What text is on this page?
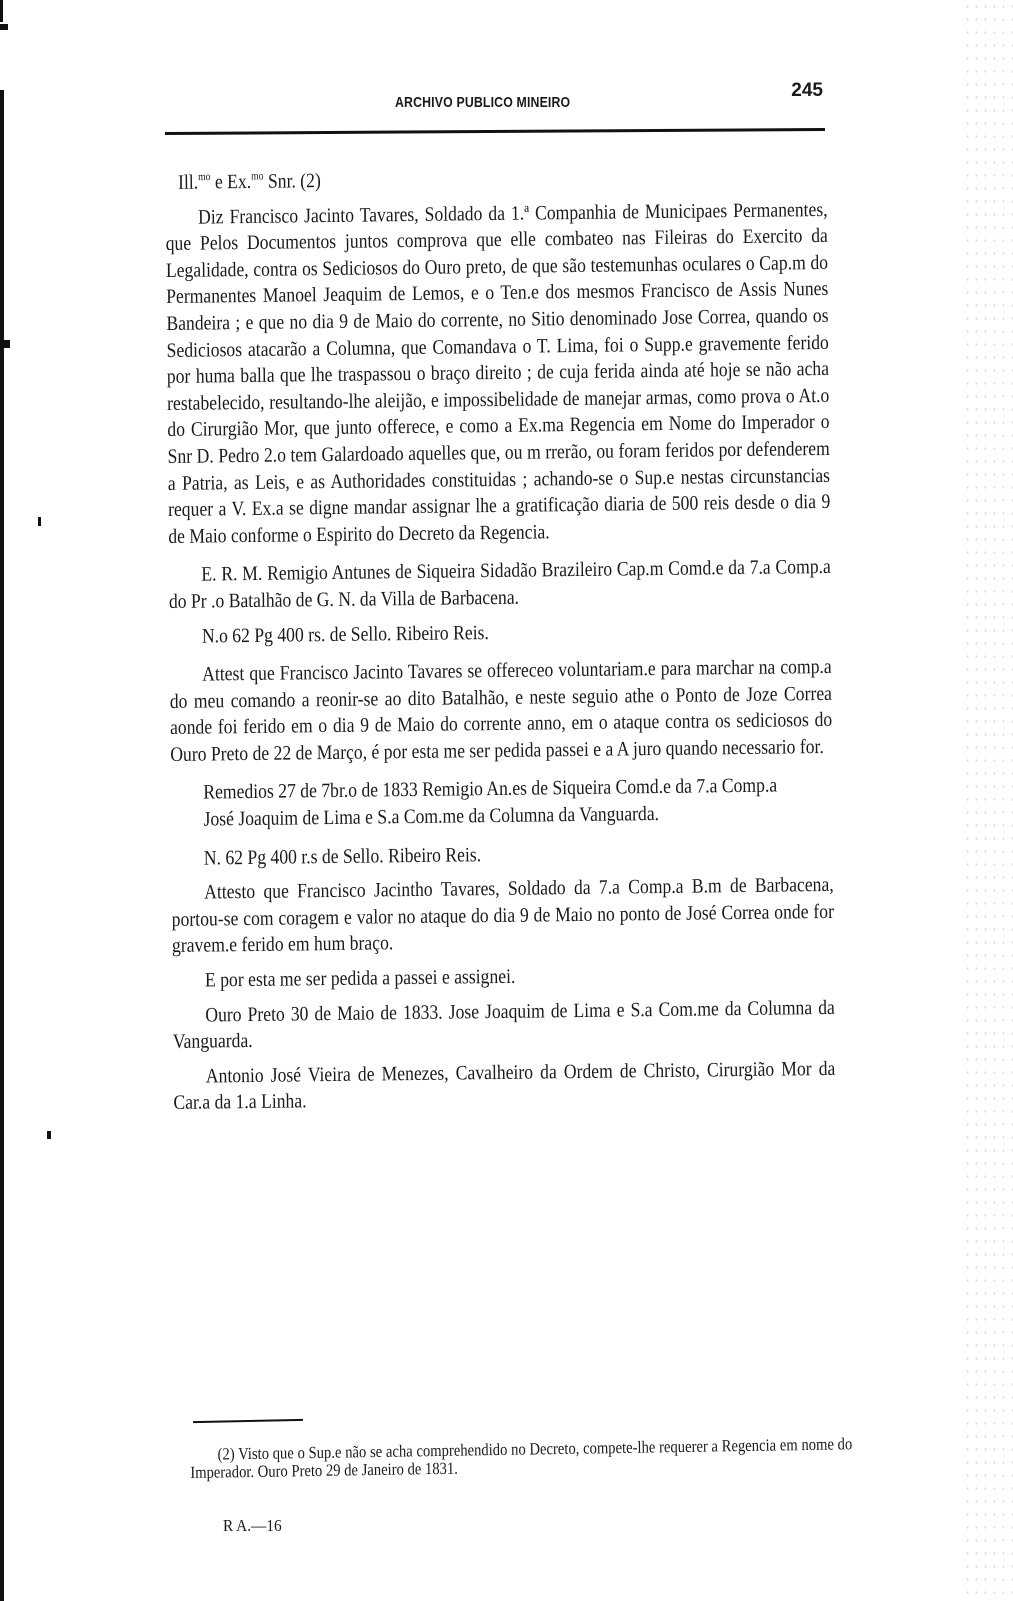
ARCHIVO PUBLICO MINEIRO
245

Ill.$^{mo}$ e Ex.$^{mo}$ Snr. (2)

Diz Francisco Jacinto Tavares, Soldado da 1.ª Companhia de Municipaes Permanentes, que Pelos Documentos juntos comprova que elle combateo nas Fileiras do Exercito da Legalidade, contra os Sediciosos do Ouro preto, de que são testemunhas oculares o Cap.m do Permanentes Manoel Jeaquim de Lemos, e o Ten.e dos mesmos Francisco de Assis Nunes Bandeira ; e que no dia 9 de Maio do corrente, no Sitio denominado Jose Correa, quando os Sediciosos atacarão a Columna, que Comandava o T. Lima, foi o Supp.e gravemente ferido por huma balla que lhe traspassou o braço direito ; de cuja ferida ainda até hoje se não acha restabelecido, resultando-lhe aleijão, e impossibelidade de manejar armas, como prova o At.o do Cirurgião Mor, que junto offerece, e como a Ex.ma Regencia em Nome do Imperador o Snr D. Pedro 2.o tem Galardoado aquelles que, ou m rrerão, ou foram feridos por defenderem a Patria, as Leis, e as Authoridades constituidas ; achando-se o Sup.e nestas circunstancias requer a V. Ex.a se digne mandar assignar lhe a gratificação diaria de 500 reis desde o dia 9 de Maio conforme o Espirito do Decreto da Regencia.

E. R. M. Remigio Antunes de Siqueira Sidadão Brazileiro Cap.m Comd.e da 7.a Comp.a do Pr .o Batalhão de G. N. da Villa de Barbacena.

N.o 62 Pg 400 rs. de Sello. Ribeiro Reis.

Attest que Francisco Jacinto Tavares se offereceo voluntariam.e para marchar na comp.a do meu comando a reonir-se ao dito Batalhão, e neste seguio athe o Ponto de Joze Correa aonde foi ferido em o dia 9 de Maio do corrente anno, em o ataque contra os sediciosos do Ouro Preto de 22 de Março, é por esta me ser pedida passei e a A juro quando necessario for.

Remedios 27 de 7br.o de 1833 Remigio An.es de Siqueira Comd.e da 7.a Comp.a

José Joaquim de Lima e S.a Com.me da Columna da Vanguarda.

N. 62 Pg 400 r.s de Sello. Ribeiro Reis.

Attesto que Francisco Jacintho Tavares, Soldado da 7.a Comp.a B.m de Barbacena, portou-se com coragem e valor no ataque do dia 9 de Maio no ponto de José Correa onde for gravem.e ferido em hum braço.

E por esta me ser pedida a passei e assignei.

Ouro Preto 30 de Maio de 1833. Jose Joaquim de Lima e S.a Com.me da Columna da Vanguarda.

Antonio José Vieira de Menezes, Cavalheiro da Ordem de Christo, Cirurgião Mor da Car.a da 1.a Linha.

(2) Visto que o Sup.e não se acha comprehendido no Decreto, compete-lhe requerer a Regencia em nome do Imperador. Ouro Preto 29 de Janeiro de 1831.

R A.—16
